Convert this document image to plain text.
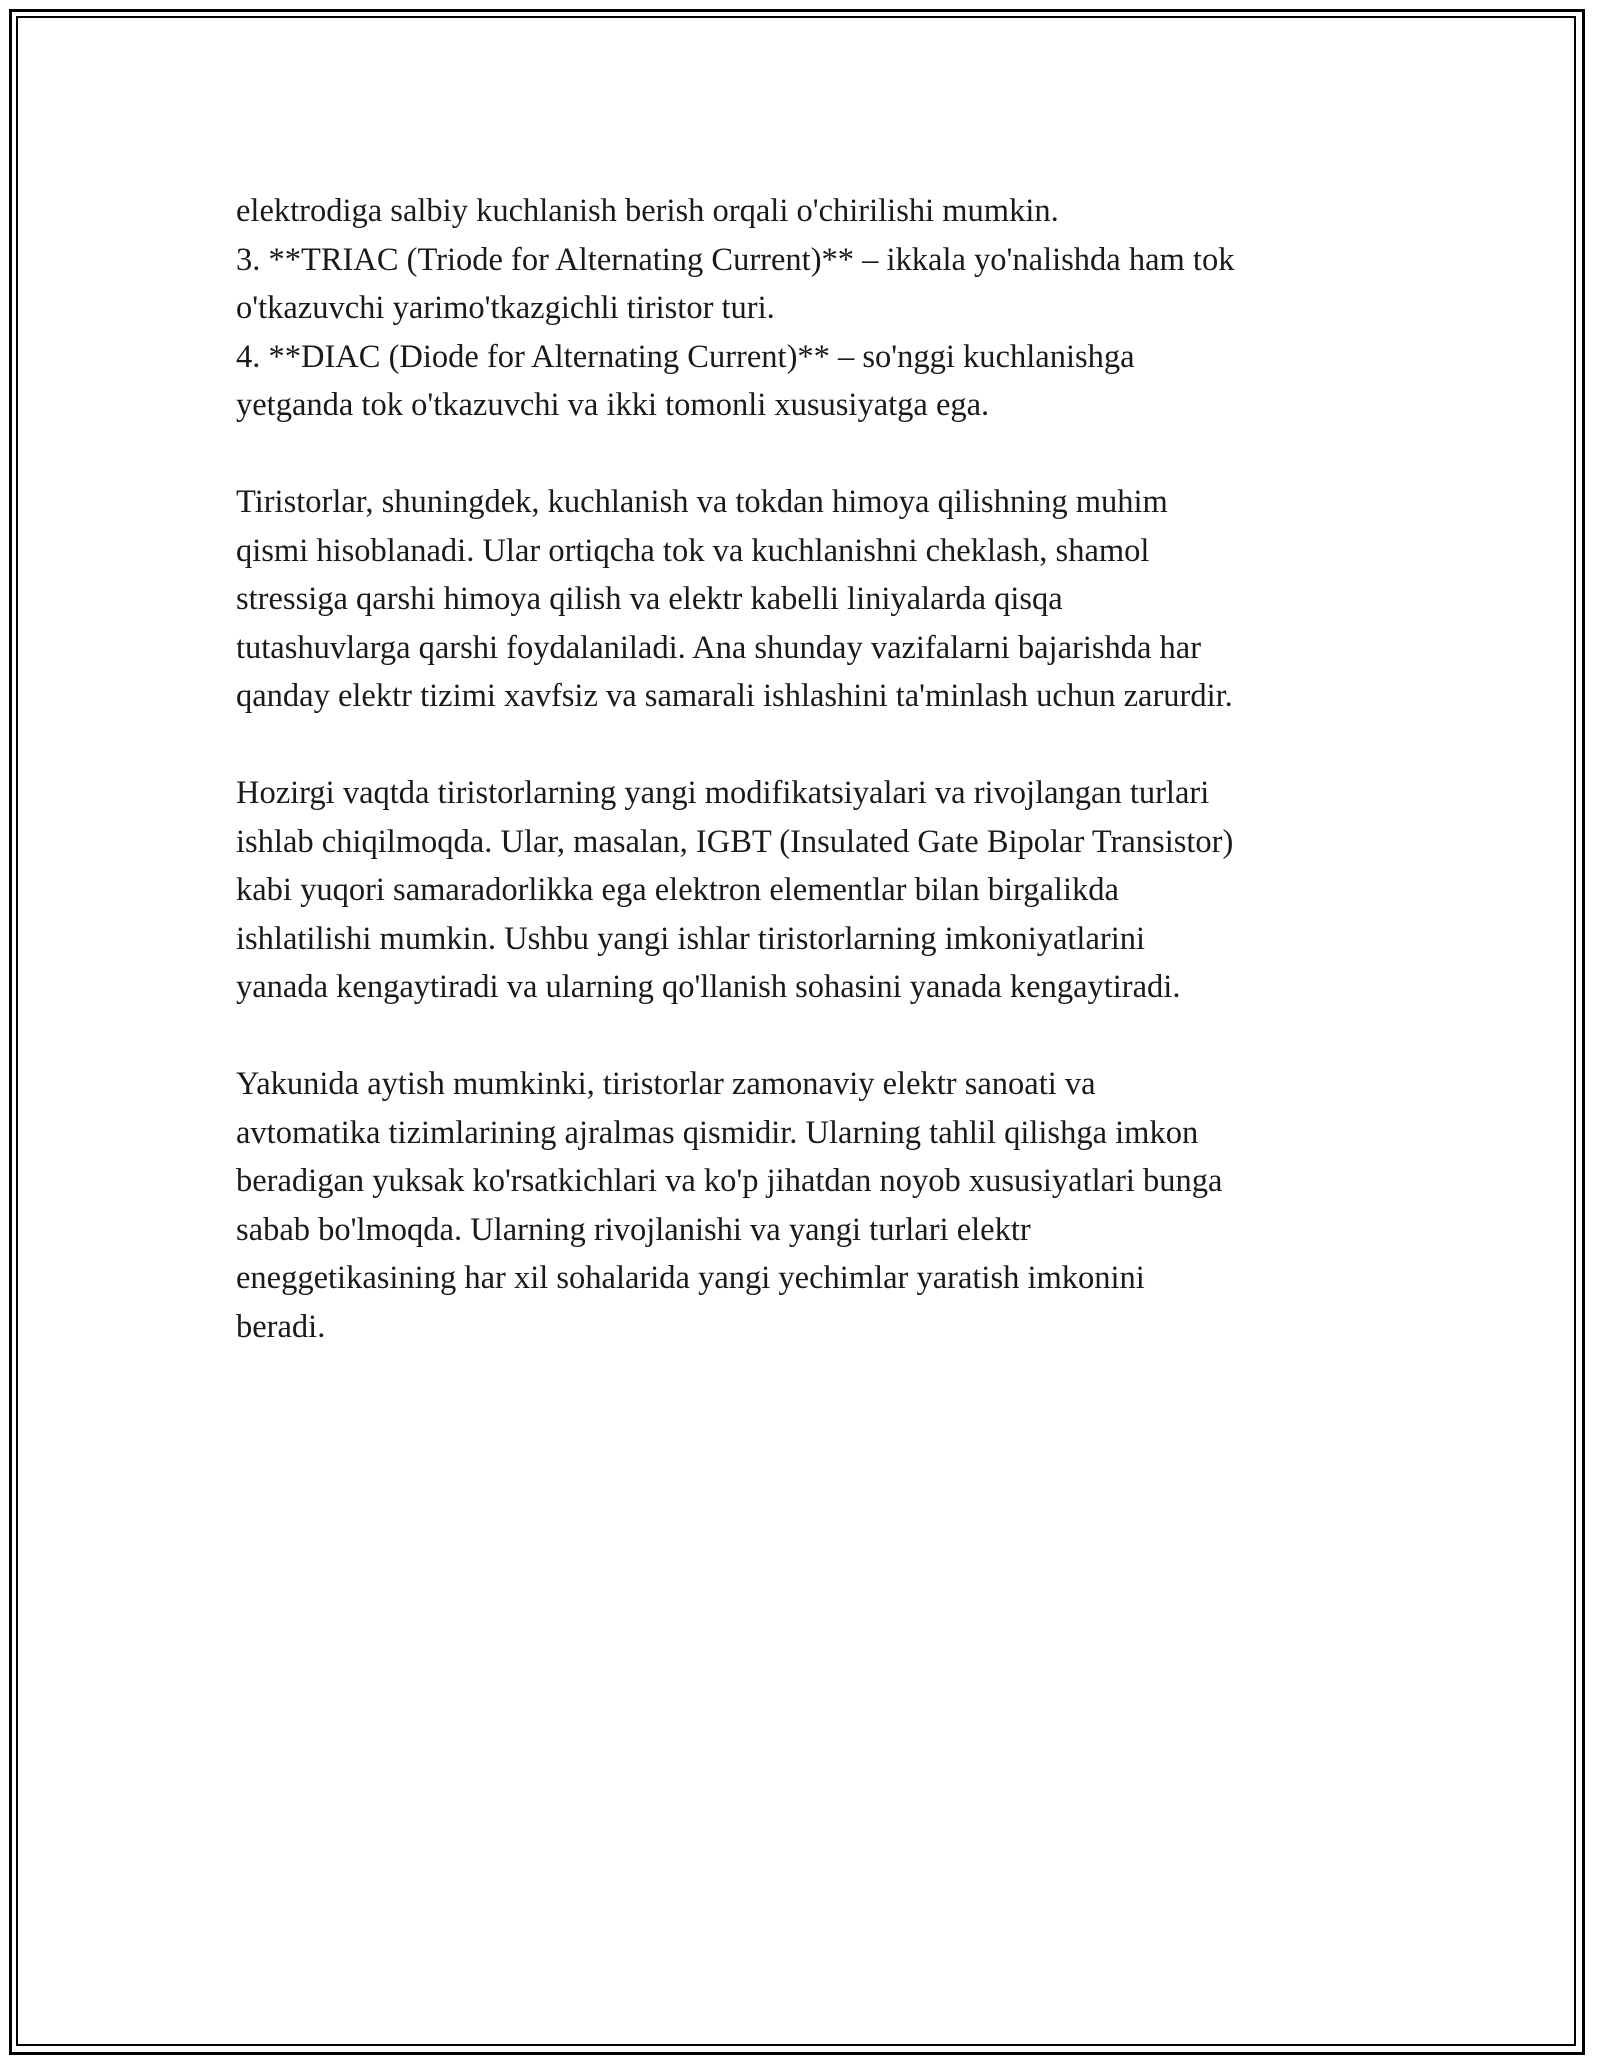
elektrodiga salbiy kuchlanish berish orqali o'chirilishi mumkin.
3. **TRIAC (Triode for Alternating Current)** – ikkala yo'nalishda ham tok
o'tkazuvchi yarimo'tkazgichli tiristor turi.
4. **DIAC (Diode for Alternating Current)** – so'nggi kuchlanishga
yetganda tok o'tkazuvchi va ikki tomonli xususiyatga ega.
Tiristorlar, shuningdek, kuchlanish va tokdan himoya qilishning muhim
qismi hisoblanadi. Ular ortiqcha tok va kuchlanishni cheklash, shamol
stressiga qarshi himoya qilish va elektr kabelli liniyalarda qisqa
tutashuvlarga qarshi foydalaniladi. Ana shunday vazifalarni bajarishda har
qanday elektr tizimi xavfsiz va samarali ishlashini ta'minlash uchun zarurdir.
Hozirgi vaqtda tiristorlarning yangi modifikatsiyalari va rivojlangan turlari
ishlab chiqilmoqda. Ular, masalan, IGBT (Insulated Gate Bipolar Transistor)
kabi yuqori samaradorlikka ega elektron elementlar bilan birgalikda
ishlatilishi mumkin. Ushbu yangi ishlar tiristorlarning imkoniyatlarini
yanada kengaytiradi va ularning qo'llanish sohasini yanada kengaytiradi.
Yakunida aytish mumkinki, tiristorlar zamonaviy elektr sanoati va
avtomatika tizimlarining ajralmas qismidir. Ularning tahlil qilishga imkon
beradigan yuksak ko'rsatkichlari va ko'p jihatdan noyob xususiyatlari bunga
sabab bo'lmoqda. Ularning rivojlanishi va yangi turlari elektr
eneggetikasining har xil sohalarida yangi yechimlar yaratish imkonini
beradi.
